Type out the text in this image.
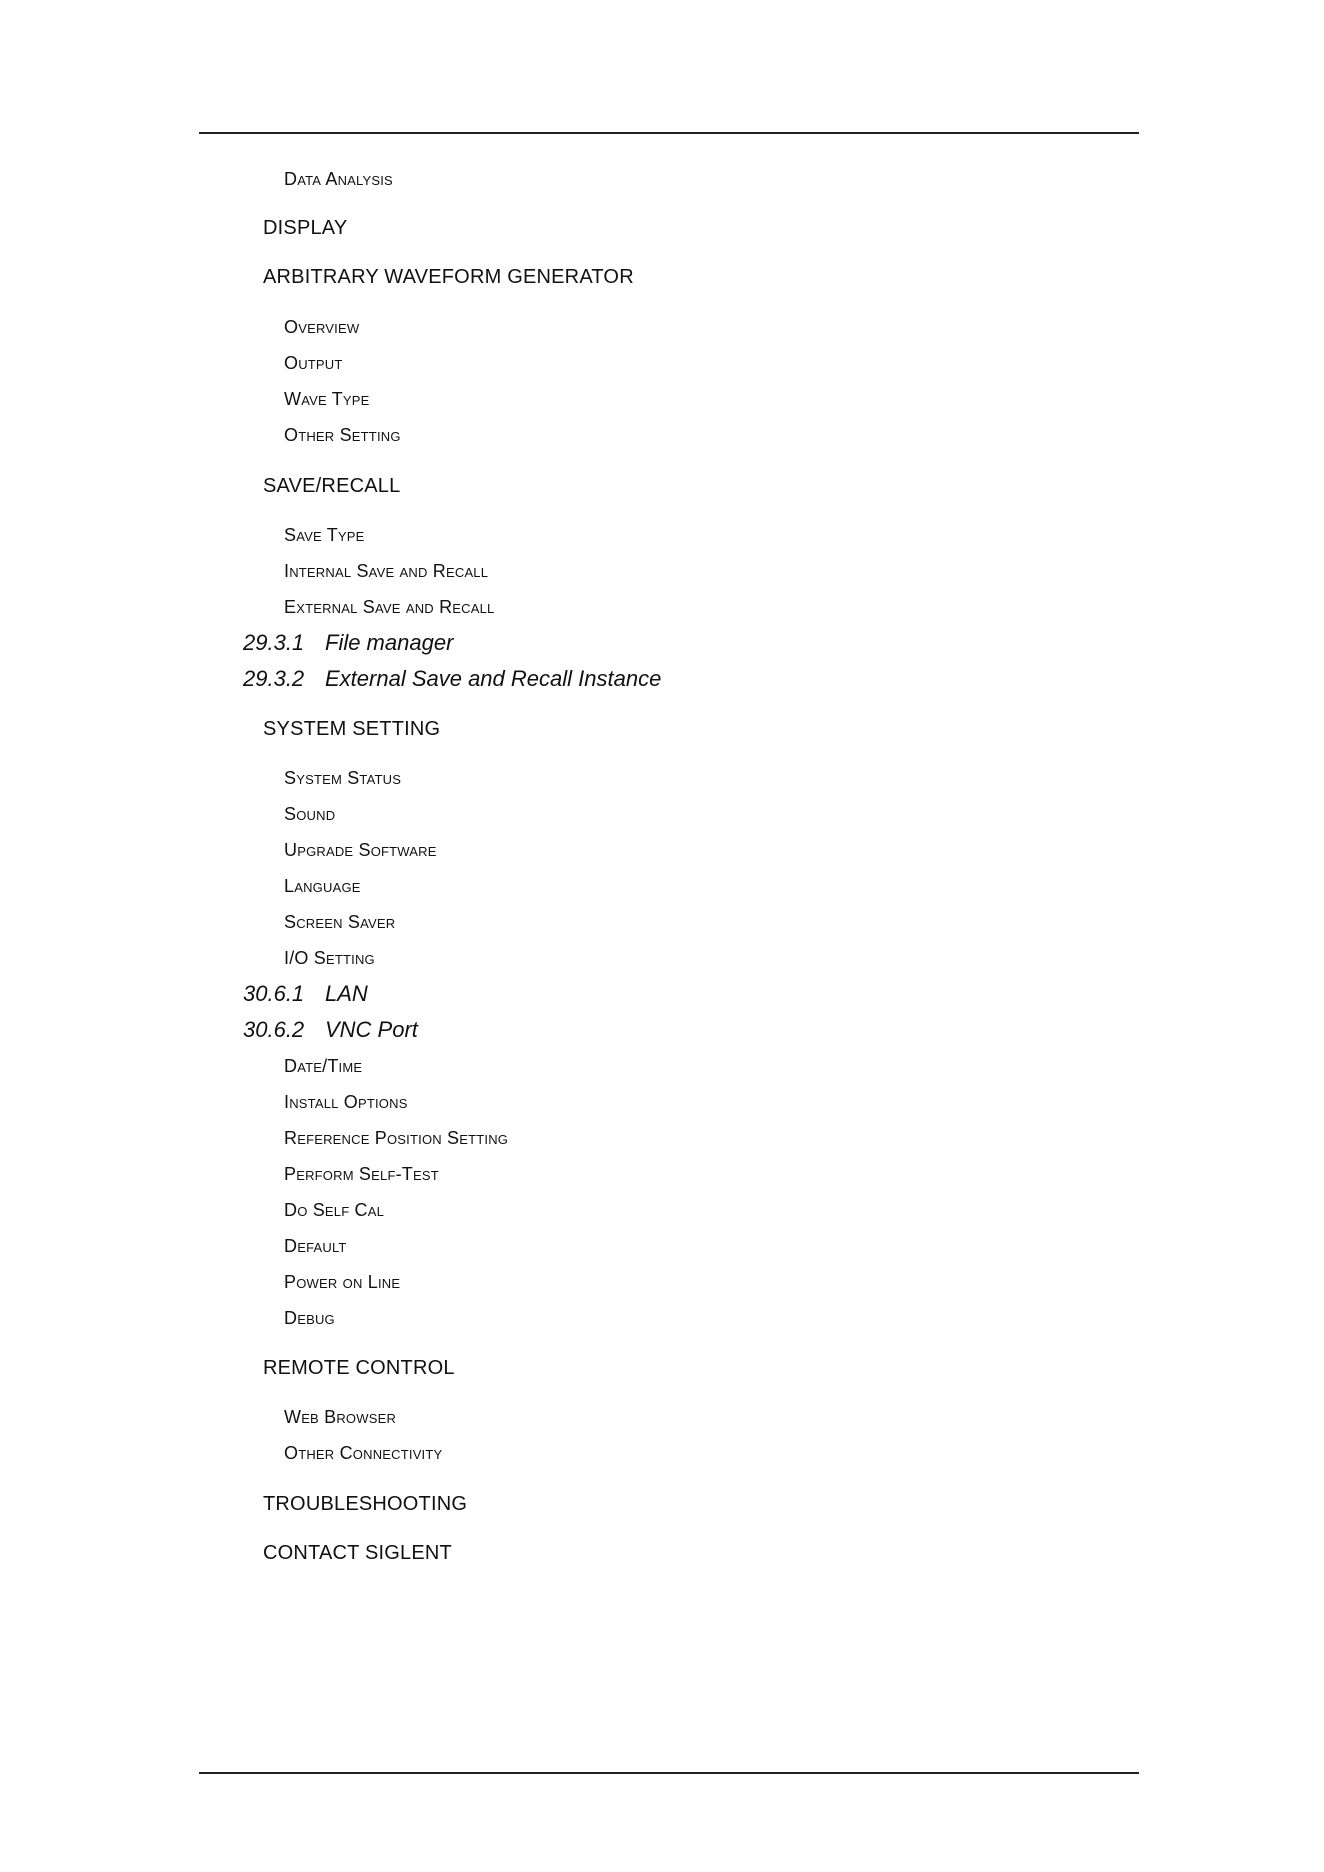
Data Analysis
DISPLAY
ARBITRARY WAVEFORM GENERATOR
Overview
Output
Wave Type
Other Setting
SAVE/RECALL
Save Type
Internal Save and Recall
External Save and Recall
29.3.1 File manager
29.3.2 External Save and Recall Instance
SYSTEM SETTING
System Status
Sound
Upgrade Software
Language
Screen Saver
I/O Setting
30.6.1 LAN
30.6.2 VNC Port
Date/Time
Install Options
Reference Position Setting
Perform Self-Test
Do Self Cal
Default
Power on Line
Debug
REMOTE CONTROL
Web Browser
Other Connectivity
TROUBLESHOOTING
CONTACT SIGLENT
